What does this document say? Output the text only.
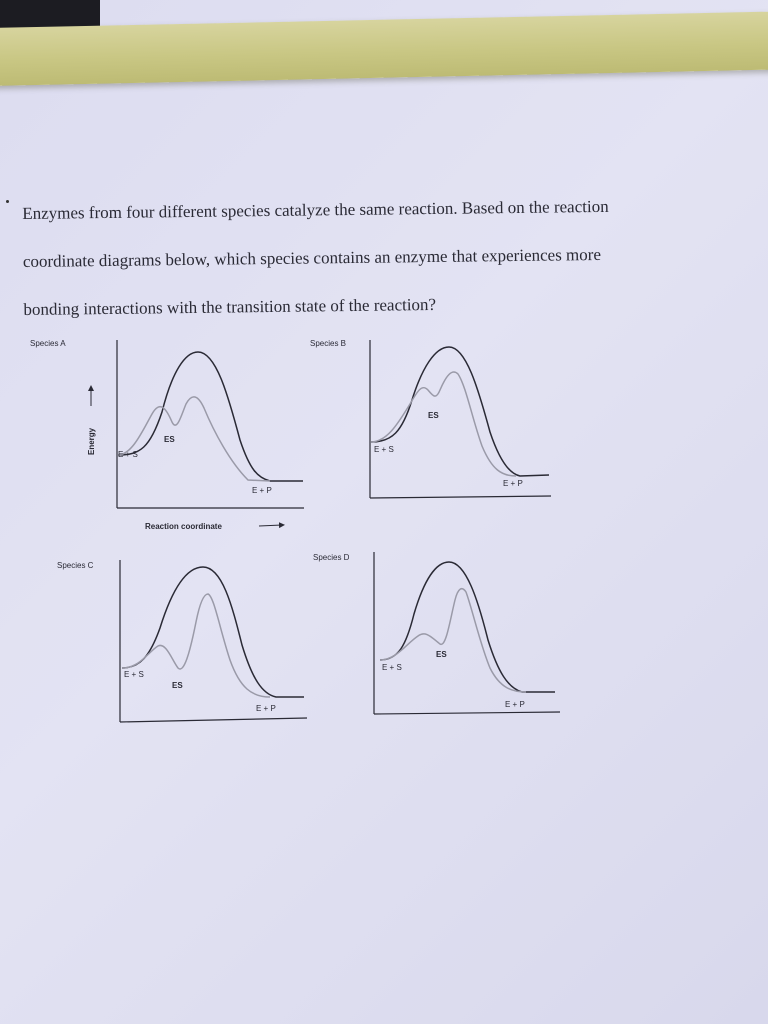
Enzymes from four different species catalyze the same reaction. Based on the reaction
coordinate diagrams below, which species contains an enzyme that experiences more
bonding interactions with the transition state of the reaction?
Species A
E + S
ES
E + P
Energy
Reaction coordinate
Species B
E + S
ES
E + P
Species C
E + S
ES
E + P
Species D
E + S
ES
E + P
